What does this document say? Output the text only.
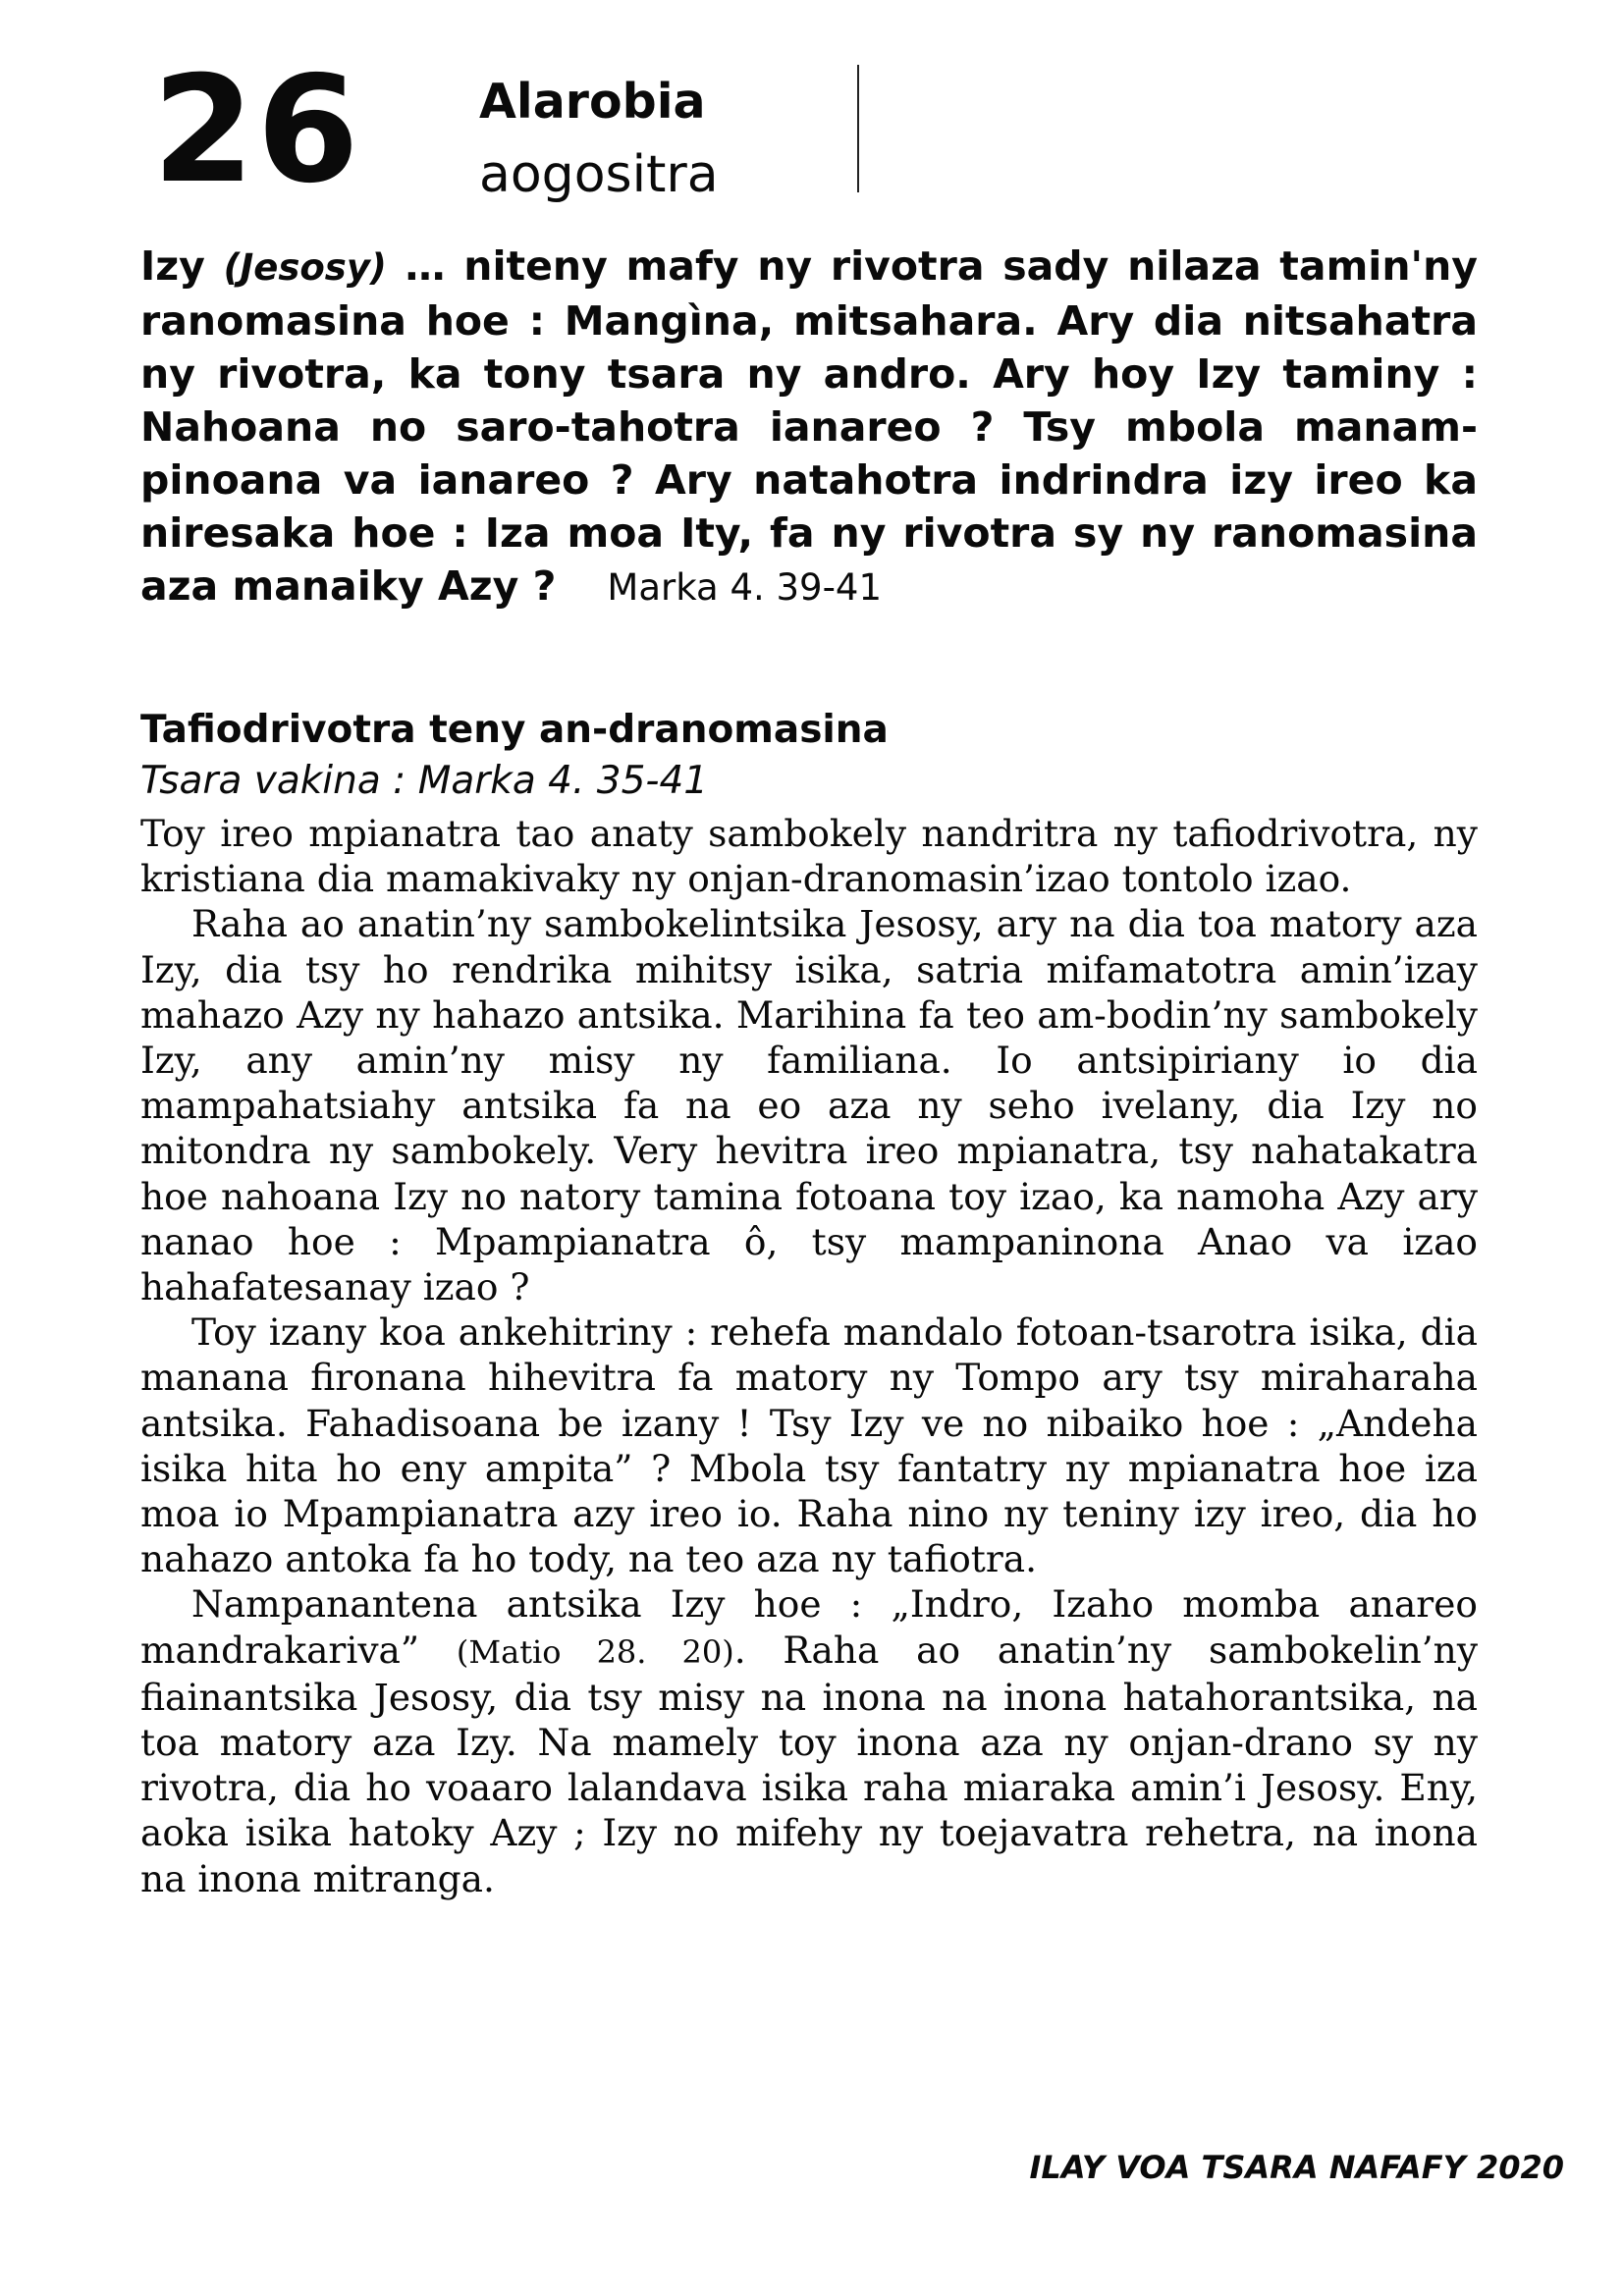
26 Alarobia
aogositra

Izy (Jesosy) … niteny mafy ny rivotra sady nilaza tamin'ny ranomasina hoe : Mangìna, mitsahara. Ary dia nitsahatra ny rivotra, ka tony tsara ny andro. Ary hoy Izy taminy : Nahoana no saro-tahotra ianareo ? Tsy mbola manam-pinoana va ianareo ? Ary natahotra indrindra izy ireo ka niresaka hoe : Iza moa Ity, fa ny rivotra sy ny ranomasina aza manaiky Azy ? Marka 4. 39-41

Tafiodrivotra teny an-dranomasina
Tsara vakina : Marka 4. 35-41

Toy ireo mpianatra tao anaty sambokely nandritra ny tafiodrivotra, ny kristiana dia mamakivaky ny onjan-dranomasin’izao tontolo izao.

Raha ao anatin’ny sambokelintsika Jesosy, ary na dia toa matory aza Izy, dia tsy ho rendrika mihitsy isika, satria mifamatotra amin’izay mahazo Azy ny hahazo antsika. Marihina fa teo am-bodin’ny sambokely Izy, any amin’ny misy ny familiana. Io antsipiriany io dia mampahatsiahy antsika fa na eo aza ny seho ivelany, dia Izy no mitondra ny sambokely. Very hevitra ireo mpianatra, tsy nahatakatra hoe nahoana Izy no natory tamina fotoana toy izao, ka namoha Azy ary nanao hoe : Mpampianatra ô, tsy mampaninona Anao va izao hahafatesanay izao ?

Toy izany koa ankehitriny : rehefa mandalo fotoan-tsarotra isika, dia manana fironana hihevitra fa matory ny Tompo ary tsy miraharaha antsika. Fahadisoana be izany ! Tsy Izy ve no nibaiko hoe : „Andeha isika hita ho eny ampita” ? Mbola tsy fantatry ny mpianatra hoe iza moa io Mpampianatra azy ireo io. Raha nino ny teniny izy ireo, dia ho nahazo antoka fa ho tody, na teo aza ny tafiotra.

Nampanantena antsika Izy hoe : „Indro, Izaho momba anareo mandrakariva” (Matio 28. 20). Raha ao anatin’ny sambokelin’ny fiainantsika Jesosy, dia tsy misy na inona na inona hatahorantsika, na toa matory aza Izy. Na mamely toy inona aza ny onjan-drano sy ny rivotra, dia ho voaaro lalandava isika raha miaraka amin’i Jesosy. Eny, aoka isika hatoky Azy ; Izy no mifehy ny toejavatra rehetra, na inona na inona mitranga.

ILAY VOA TSARA NAFAFY 2020
